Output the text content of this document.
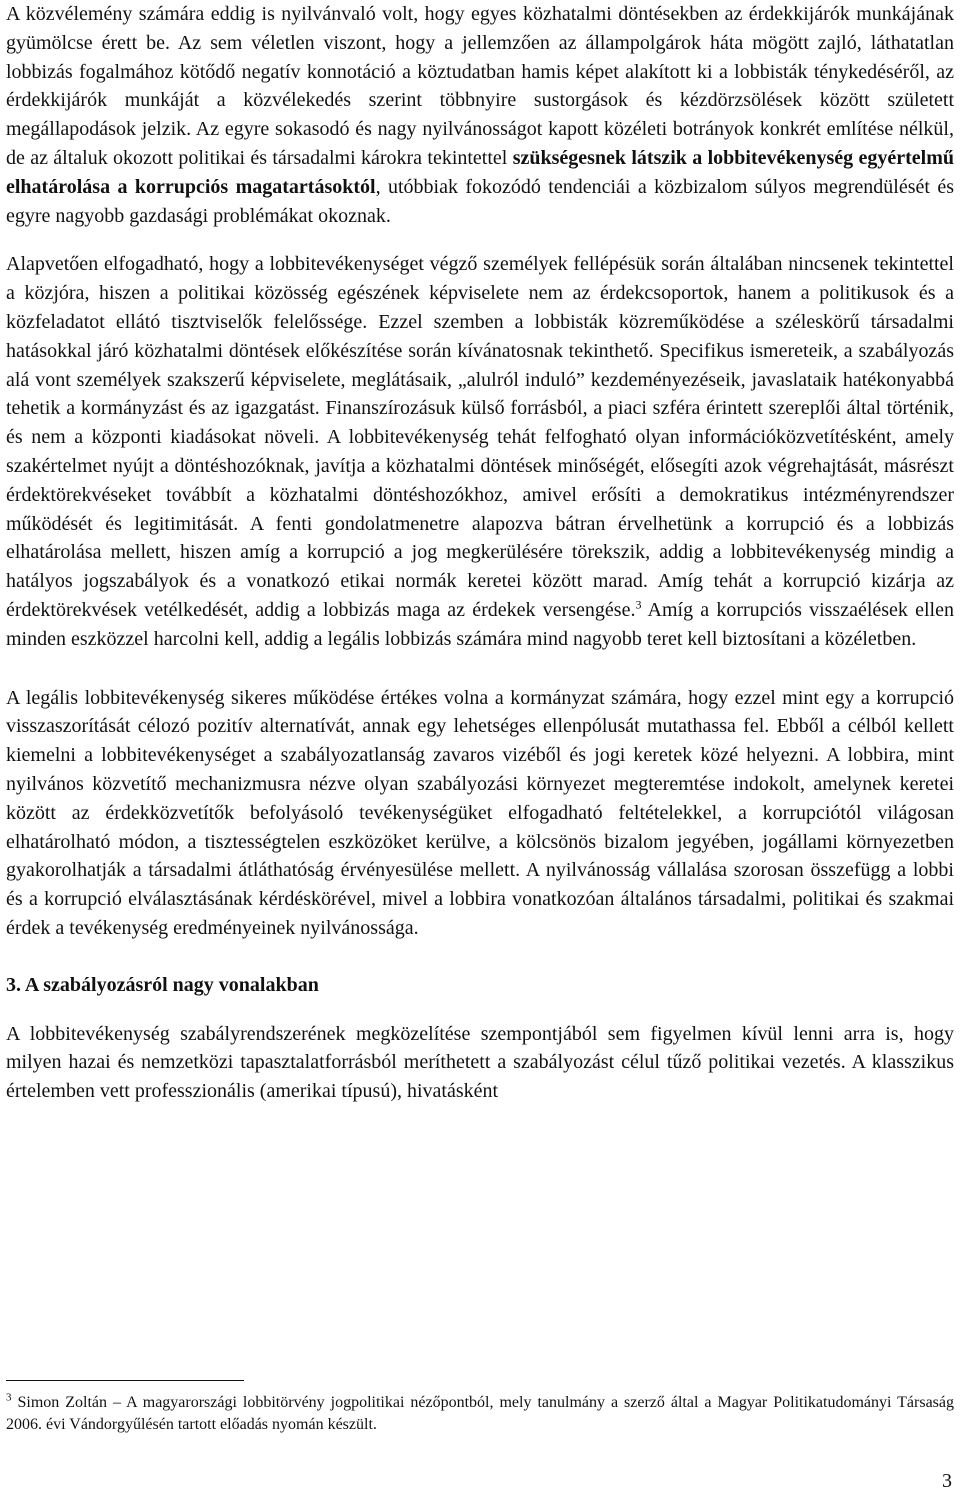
A közvélemény számára eddig is nyilvánvaló volt, hogy egyes közhatalmi döntésekben az érdekkijárók munkájának gyümölcse érett be. Az sem véletlen viszont, hogy a jellemzően az állampolgárok háta mögött zajló, láthatatlan lobbizás fogalmához kötődő negatív konnotáció a köztudatban hamis képet alakított ki a lobbisták ténykedéséről, az érdekkijárók munkáját a közvélekedés szerint többnyire sustorgások és kézdörzsölések között született megállapodások jelzik. Az egyre sokasodó és nagy nyilvánosságot kapott közéleti botrányok konkrét említése nélkül, de az általuk okozott politikai és társadalmi károkra tekintettel szükségesnek látszik a lobbitevékenység egyértelmű elhatárolása a korrupciós magatartásoktól, utóbbiak fokozódó tendenciái a közbizalom súlyos megrendülését és egyre nagyobb gazdasági problémákat okoznak.

Alapvetően elfogadható, hogy a lobbitevékenységet végző személyek fellépésük során általában nincsenek tekintettel a közjóra, hiszen a politikai közösség egészének képviselete nem az érdekcsoportok, hanem a politikusok és a közfeladatot ellátó tisztviselők felelőssége. Ezzel szemben a lobbisták közreműködése a széleskörű társadalmi hatásokkal járó közhatalmi döntések előkészítése során kívánatosnak tekinthető. Specifikus ismereteik, a szabályozás alá vont személyek szakszerű képviselete, meglátásaik, „alulról induló” kezdeményezéseik, javaslataik hatékonyabbá tehetik a kormányzást és az igazgatást. Finanszírozásuk külső forrásból, a piaci szféra érintett szereplői által történik, és nem a központi kiadásokat növeli. A lobbitevékenység tehát felfogható olyan információközvetítésként, amely szakértelmet nyújt a döntéshozóknak, javítja a közhatalmi döntések minőségét, elősegíti azok végrehajtását, másrészt érdektörekvéseket továbbít a közhatalmi döntéshozókhoz, amivel erősíti a demokratikus intézményrendszer működését és legitimitását. A fenti gondolatmenetre alapozva bátran érvelhetünk a korrupció és a lobbizás elhatárolása mellett, hiszen amíg a korrupció a jog megkerülésére törekszik, addig a lobbitevékenység mindig a hatályos jogszabályok és a vonatkozó etikai normák keretei között marad. Amíg tehát a korrupció kizárja az érdektörekvések vetélkedését, addig a lobbizás maga az érdekek versengése.$^3$ Amíg a korrupciós visszaélések ellen minden eszközzel harcolni kell, addig a legális lobbizás számára mind nagyobb teret kell biztosítani a közéletben.

A legális lobbitevékenység sikeres működése értékes volna a kormányzat számára, hogy ezzel mint egy a korrupció visszaszorítását célozó pozitív alternatívát, annak egy lehetséges ellenpólusát mutathassa fel. Ebből a célból kellett kiemelni a lobbitevékenységet a szabályozatlanság zavaros vizéből és jogi keretek közé helyezni. A lobbira, mint nyilvános közvetítő mechanizmusra nézve olyan szabályozási környezet megteremtése indokolt, amelynek keretei között az érdekközvetítők befolyásoló tevékenységüket elfogadható feltételekkel, a korrupciótól világosan elhatárolható módon, a tisztességtelen eszközöket kerülve, a kölcsönös bizalom jegyében, jogállami környezetben gyakorolhatják a társadalmi átláthatóság érvényesülése mellett. A nyilvánosság vállalása szorosan összefügg a lobbi és a korrupció elválasztásának kérdéskörével, mivel a lobbira vonatkozóan általános társadalmi, politikai és szakmai érdek a tevékenység eredményeinek nyilvánossága.

3. A szabályozásról nagy vonalakban

A lobbitevékenység szabályrendszerének megközelítése szempontjából sem figyelmen kívül lenni arra is, hogy milyen hazai és nemzetközi tapasztalatforrásból meríthetett a szabályozást célul tűző politikai vezetés. A klasszikus értelemben vett professzionális (amerikai típusú), hivatásként

$^3$ Simon Zoltán – A magyarországi lobbitörvény jogpolitikai nézőpontból, mely tanulmány a szerző által a Magyar Politikatudományi Társaság 2006. évi Vándorgyűlésén tartott előadás nyomán készült.
3
